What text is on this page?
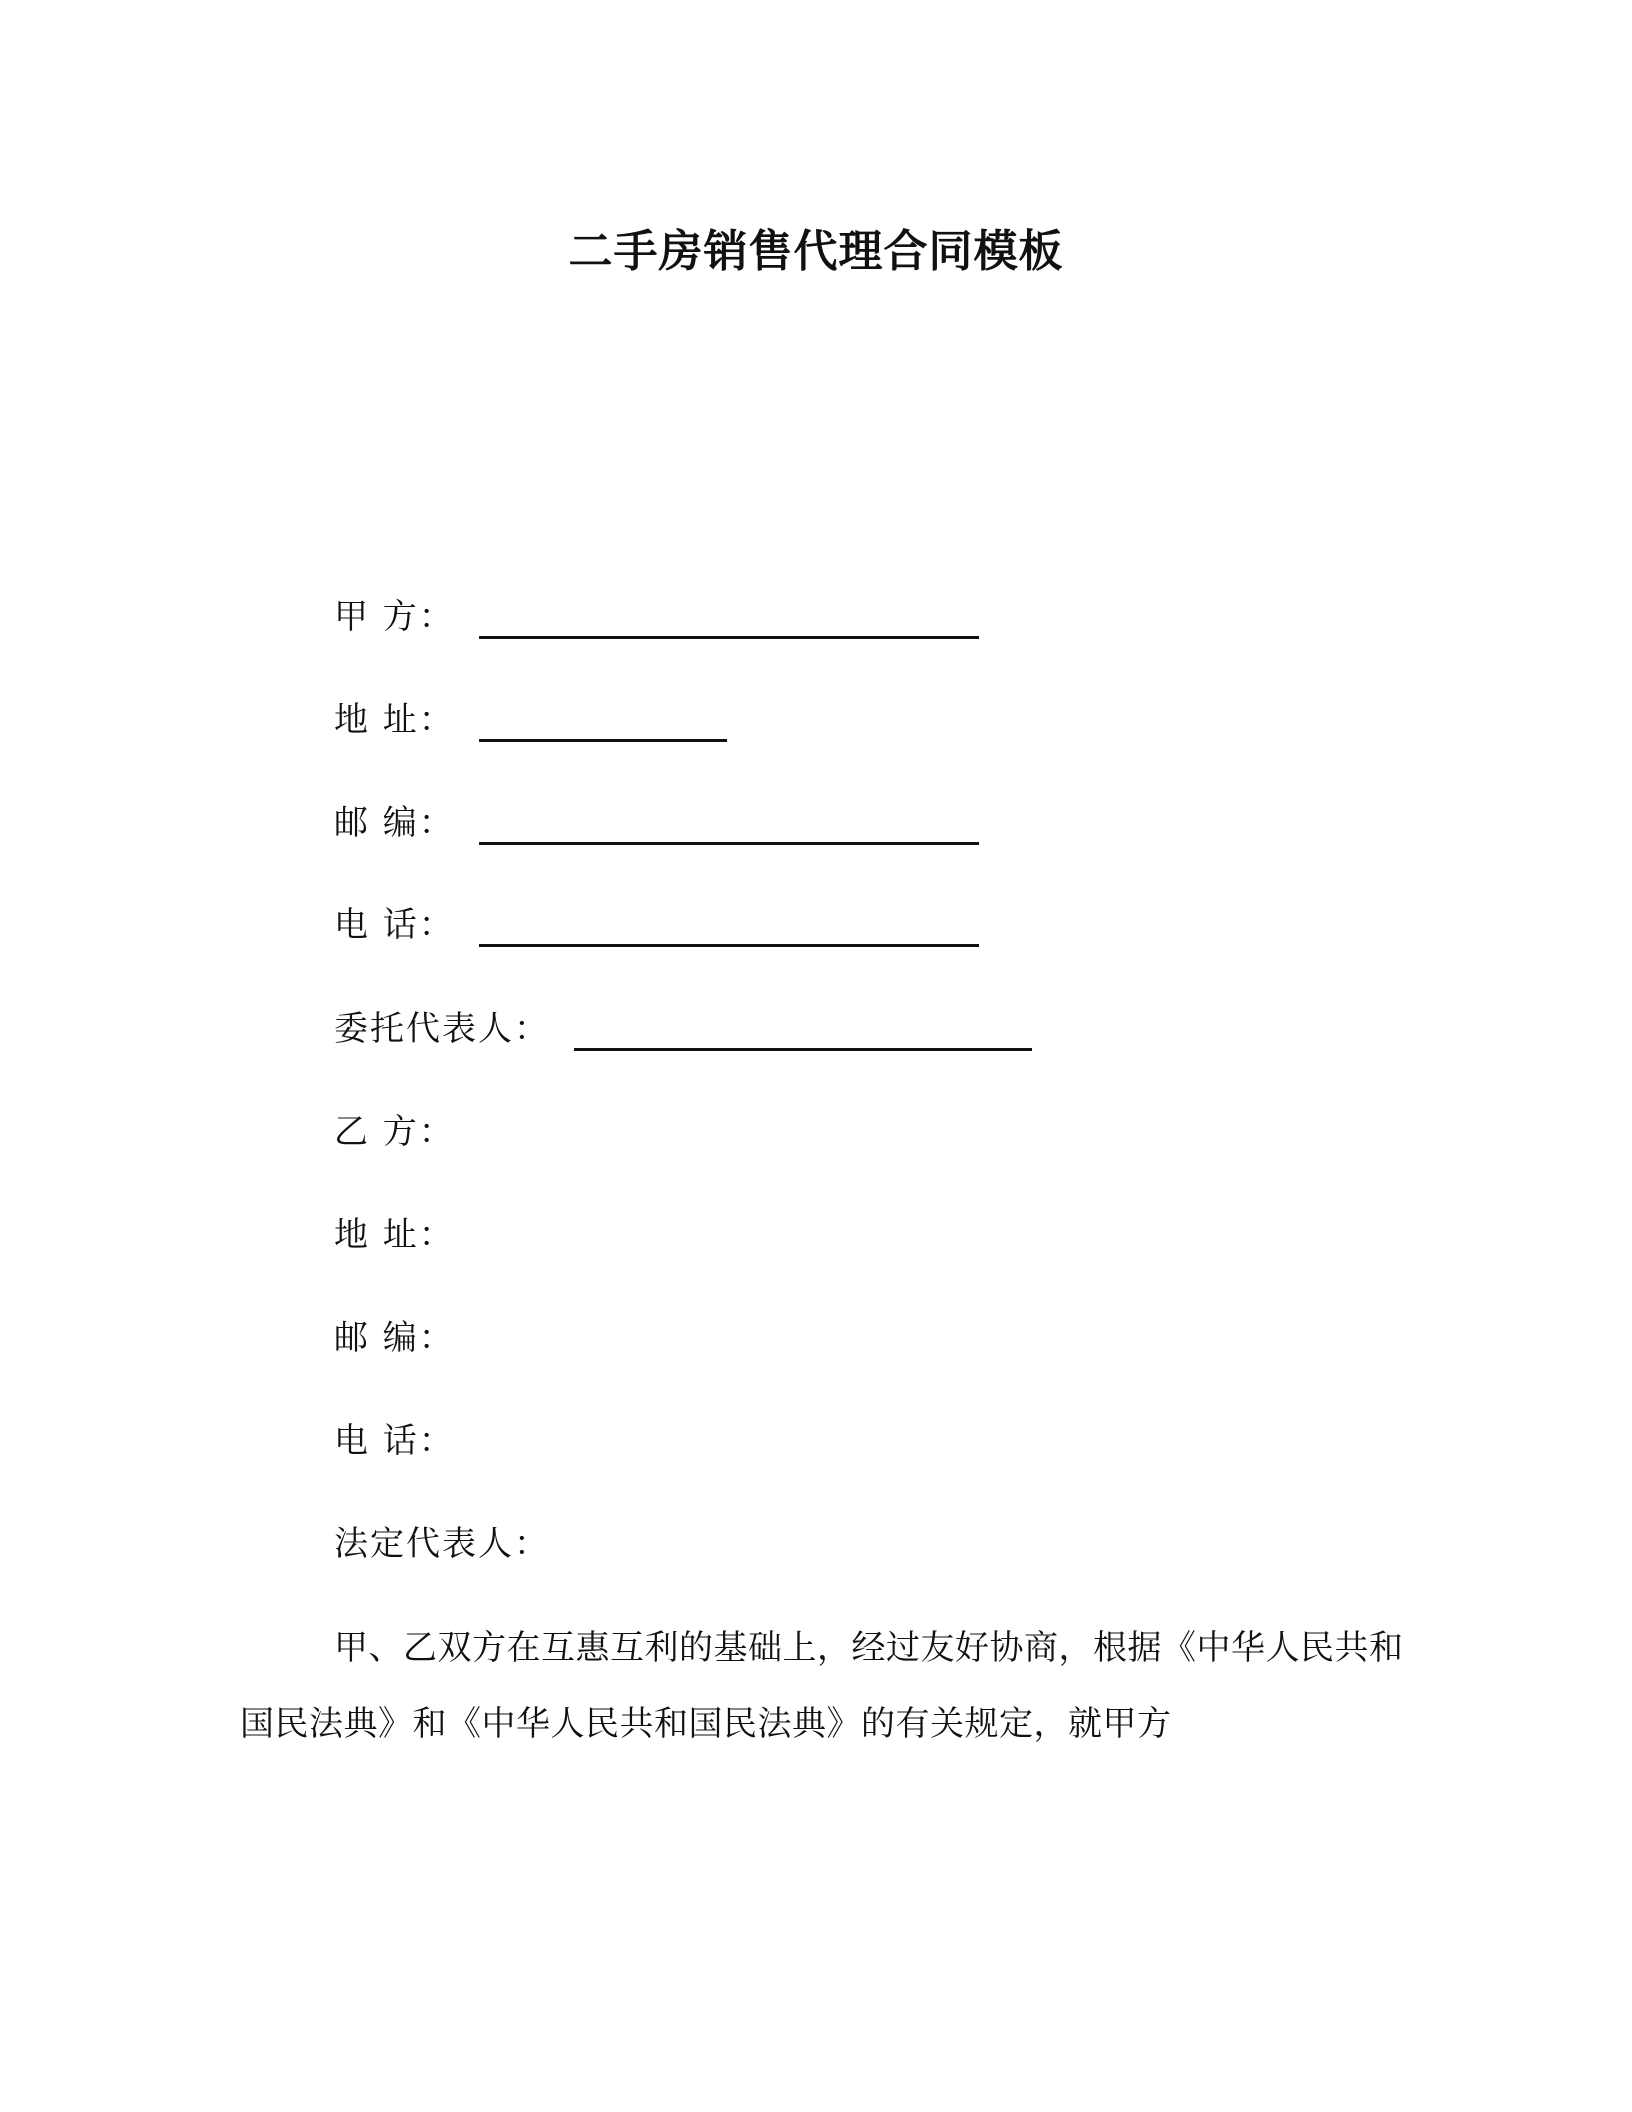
二手房销售代理合同模板
甲 方：
地 址：
邮 编：
电 话：
委托代表人：
乙 方：
地 址：
邮 编：
电 话：
法定代表人：

甲、乙双方在互惠互利的基础上，经过友好协商，根据《中华人民共和国民法典》和《中华人民共和国民法典》的有关规定，就甲方
